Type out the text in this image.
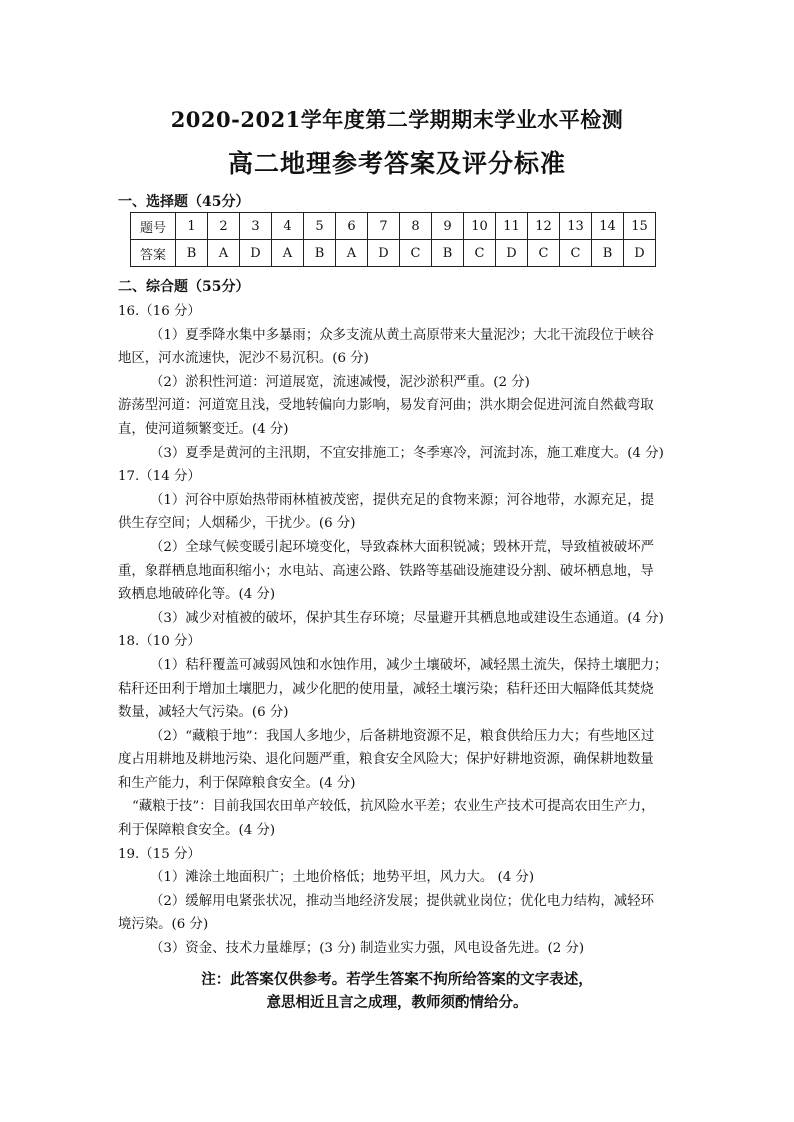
2020-2021学年度第二学期期末学业水平检测
高二地理参考答案及评分标准
一、选择题（45分）
题号	1	2	3	4	5	6	7	8	9	10	11	12	13	14	15
答案	B	A	D	A	B	A	D	C	B	C	D	C	C	B	D
二、综合题（55分）

16.（16 分）

（1）夏季降水集中多暴雨；众多支流从黄土高原带来大量泥沙；大北干流段位于峡谷

地区，河水流速快，泥沙不易沉积。(6 分)

（2）淤积性河道：河道展宽，流速减慢，泥沙淤积严重。(2 分)

游荡型河道：河道宽且浅，受地转偏向力影响，易发育河曲；洪水期会促进河流自然截弯取

直，使河道频繁变迁。(4 分)

（3）夏季是黄河的主汛期，不宜安排施工；冬季寒冷，河流封冻，施工难度大。(4 分)

17.（14 分）

（1）河谷中原始热带雨林植被茂密，提供充足的食物来源；河谷地带，水源充足，提

供生存空间；人烟稀少，干扰少。(6 分)

（2）全球气候变暖引起环境变化，导致森林大面积锐减；毁林开荒，导致植被破坏严

重，象群栖息地面积缩小；水电站、高速公路、铁路等基础设施建设分割、破坏栖息地，导

致栖息地破碎化等。(4 分)

（3）减少对植被的破坏，保护其生存环境；尽量避开其栖息地或建设生态通道。(4 分)

18.（10 分）

（1）秸秆覆盖可减弱风蚀和水蚀作用，减少土壤破坏，减轻黑土流失，保持土壤肥力；

秸秆还田利于增加土壤肥力，减少化肥的使用量，减轻土壤污染；秸秆还田大幅降低其焚烧

数量，减轻大气污染。(6 分)

（2）“藏粮于地”：我国人多地少，后备耕地资源不足，粮食供给压力大；有些地区过

度占用耕地及耕地污染、退化问题严重，粮食安全风险大；保护好耕地资源，确保耕地数量

和生产能力，利于保障粮食安全。(4 分)

“藏粮于技”：目前我国农田单产较低，抗风险水平差；农业生产技术可提高农田生产力，

利于保障粮食安全。(4 分)

19.（15 分）

（1）滩涂土地面积广；土地价格低；地势平坦，风力大。 (4 分)

（2）缓解用电紧张状况，推动当地经济发展；提供就业岗位；优化电力结构，减轻环

境污染。(6 分)

（3）资金、技术力量雄厚；(3 分) 制造业实力强，风电设备先进。(2 分)

注：此答案仅供参考。若学生答案不拘所给答案的文字表述，
意思相近且言之成理，教师须酌情给分。
